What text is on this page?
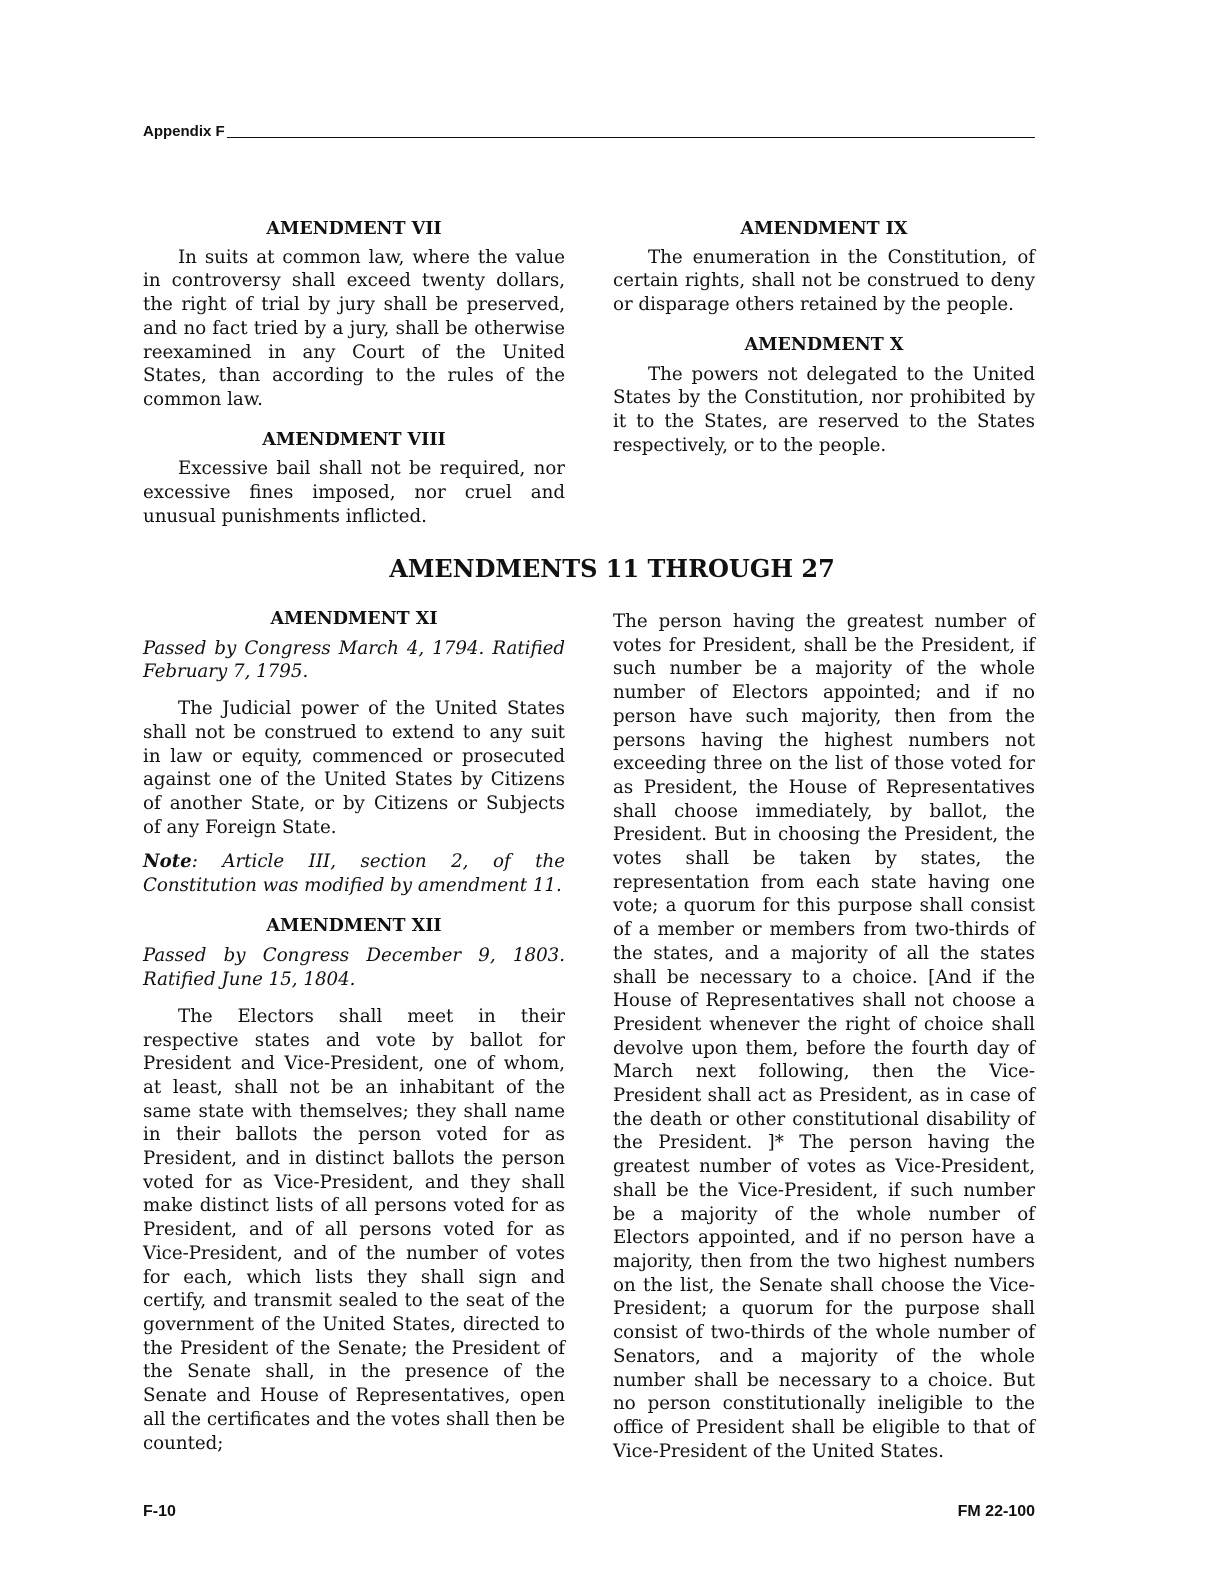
Appendix F
AMENDMENT VII

In suits at common law, where the value in controversy shall exceed twenty dollars, the right of trial by jury shall be preserved, and no fact tried by a jury, shall be otherwise reexamined in any Court of the United States, than according to the rules of the common law.

AMENDMENT VIII

Excessive bail shall not be required, nor excessive fines imposed, nor cruel and unusual punishments inflicted.

AMENDMENT IX

The enumeration in the Constitution, of certain rights, shall not be construed to deny or disparage others retained by the people.

AMENDMENT X

The powers not delegated to the United States by the Constitution, nor prohibited by it to the States, are reserved to the States respectively, or to the people.

AMENDMENTS 11 THROUGH 27
AMENDMENT XI

Passed by Congress March 4, 1794. Ratified February 7, 1795.

The Judicial power of the United States shall not be construed to extend to any suit in law or equity, commenced or prosecuted against one of the United States by Citizens of another State, or by Citizens or Subjects of any Foreign State.

Note: Article III, section 2, of the Constitution was modified by amendment 11.

AMENDMENT XII

Passed by Congress December 9, 1803. Ratified June 15, 1804.

The Electors shall meet in their respective states and vote by ballot for President and Vice-President, one of whom, at least, shall not be an inhabitant of the same state with themselves; they shall name in their ballots the person voted for as President, and in distinct ballots the person voted for as Vice-President, and they shall make distinct lists of all persons voted for as President, and of all persons voted for as Vice-President, and of the number of votes for each, which lists they shall sign and certify, and transmit sealed to the seat of the government of the United States, directed to the President of the Senate; the President of the Senate shall, in the presence of the Senate and House of Representatives, open all the certificates and the votes shall then be counted;

The person having the greatest number of votes for President, shall be the President, if such number be a majority of the whole number of Electors appointed; and if no person have such majority, then from the persons having the highest numbers not exceeding three on the list of those voted for as President, the House of Representatives shall choose immediately, by ballot, the President. But in choosing the President, the votes shall be taken by states, the representation from each state having one vote; a quorum for this purpose shall consist of a member or members from two-thirds of the states, and a majority of all the states shall be necessary to a choice. [And if the House of Representatives shall not choose a President whenever the right of choice shall devolve upon them, before the fourth day of March next following, then the Vice-President shall act as President, as in case of the death or other constitutional disability of the President. ]* The person having the greatest number of votes as Vice-President, shall be the Vice-President, if such number be a majority of the whole number of Electors appointed, and if no person have a majority, then from the two highest numbers on the list, the Senate shall choose the Vice-President; a quorum for the purpose shall consist of two-thirds of the whole number of Senators, and a majority of the whole number shall be necessary to a choice. But no person constitutionally ineligible to the office of President shall be eligible to that of Vice-President of the United States.

F-10	FM 22-100
